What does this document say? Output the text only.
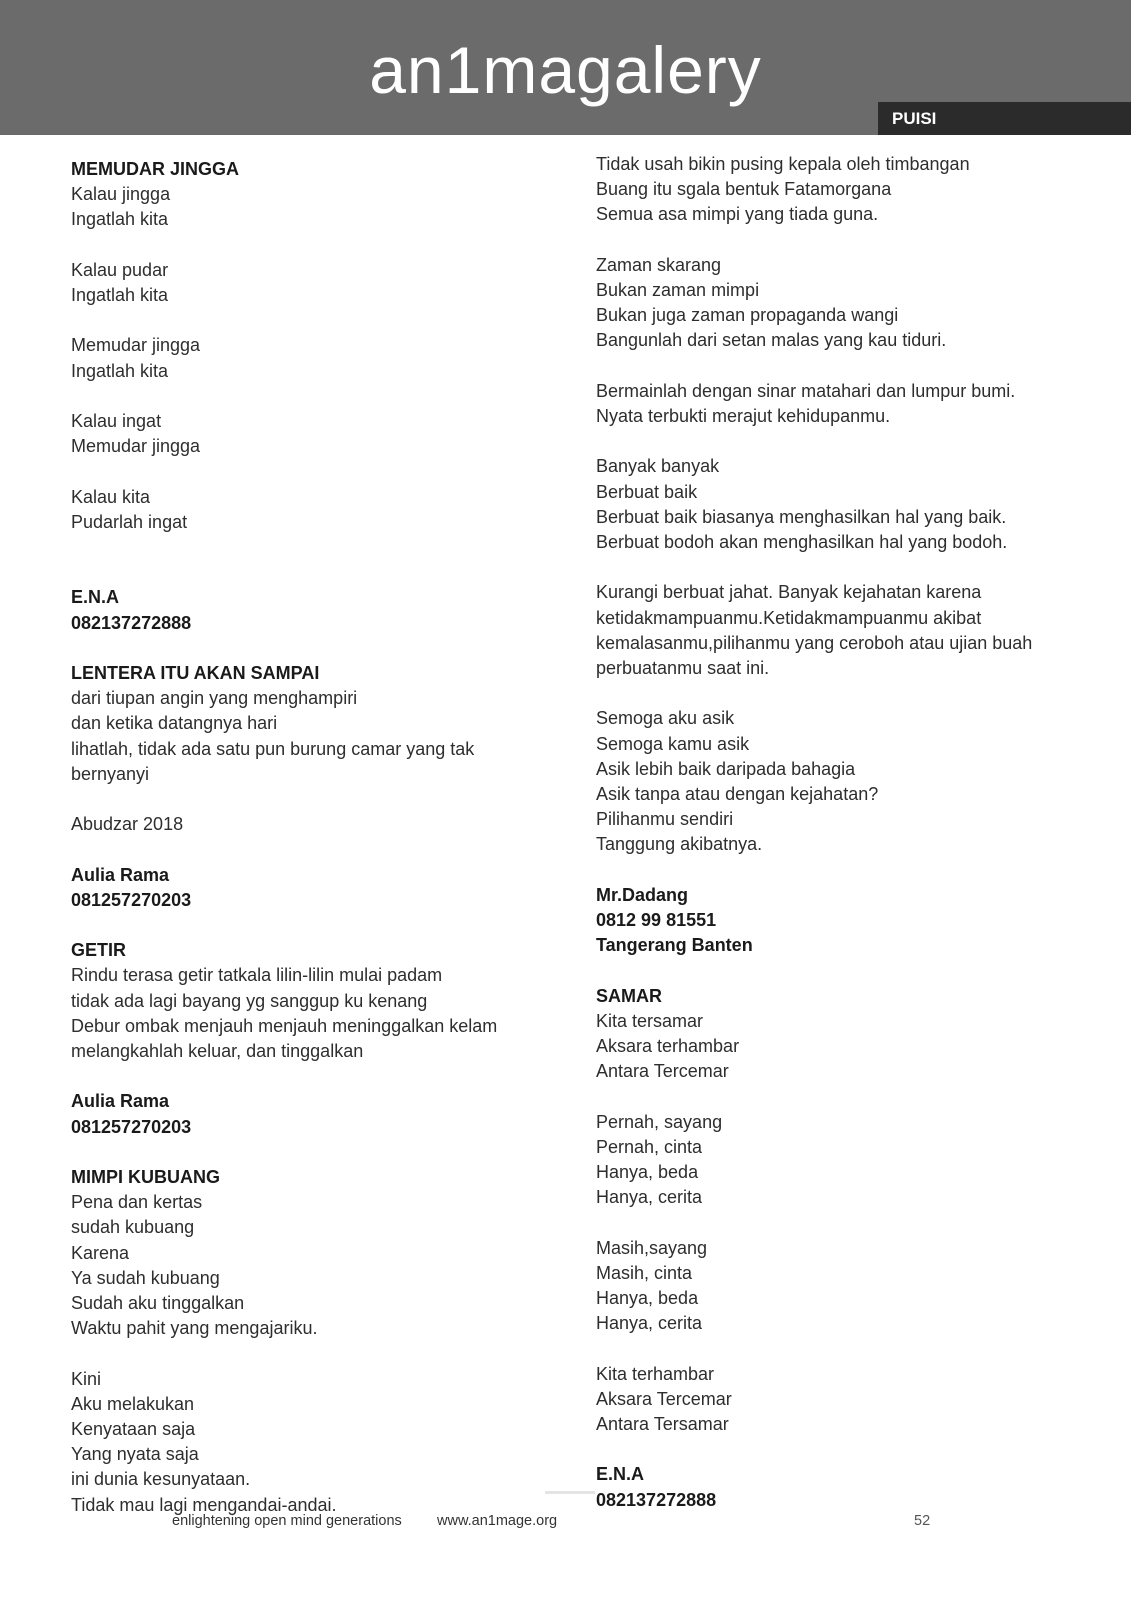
an1magalery
PUISI
MEMUDAR JINGGA
Kalau jingga
Ingatlah kita
Kalau pudar
Ingatlah kita
Memudar jingga
Ingatlah kita
Kalau ingat
Memudar jingga
Kalau kita
Pudarlah ingat
E.N.A
082137272888
LENTERA ITU AKAN SAMPAI
dari tiupan angin yang menghampiri
dan ketika datangnya hari
lihatlah, tidak ada satu pun burung camar yang tak
bernyanyi
Abudzar 2018
Aulia Rama
081257270203
GETIR
Rindu terasa getir tatkala lilin-lilin mulai padam
tidak ada lagi bayang yg sanggup ku kenang
Debur ombak menjauh menjauh meninggalkan kelam
melangkahlah keluar, dan tinggalkan
Aulia Rama
081257270203
MIMPI KUBUANG
Pena dan kertas
sudah kubuang
Karena
Ya sudah kubuang
Sudah aku tinggalkan
Waktu pahit yang mengajariku.
Kini
Aku melakukan
Kenyataan saja
Yang nyata saja
ini dunia kesunyataan.
Tidak mau lagi mengandai-andai.
Tidak usah bikin pusing kepala oleh timbangan
Buang itu sgala bentuk Fatamorgana
Semua asa mimpi yang tiada guna.
Zaman skarang
Bukan zaman mimpi
Bukan juga zaman propaganda wangi
Bangunlah dari setan malas yang kau tiduri.
Bermainlah dengan sinar matahari dan lumpur bumi.
Nyata terbukti merajut kehidupanmu.
Banyak banyak
Berbuat baik
Berbuat baik biasanya menghasilkan hal yang baik.
Berbuat bodoh akan menghasilkan hal yang bodoh.
Kurangi berbuat jahat. Banyak kejahatan karena
ketidakmampuanmu.Ketidakmampuanmu akibat
kemalasanmu,pilihanmu yang ceroboh atau ujian buah
perbuatanmu saat ini.
Semoga aku asik
Semoga kamu asik
Asik lebih baik daripada bahagia
Asik tanpa atau dengan kejahatan?
Pilihanmu sendiri
Tanggung akibatnya.
Mr.Dadang
0812 99 81551
Tangerang Banten
SAMAR
Kita tersamar
Aksara terhambar
Antara Tercemar
Pernah, sayang
Pernah, cinta
Hanya, beda
Hanya, cerita
Masih,sayang
Masih, cinta
Hanya, beda
Hanya, cerita
Kita terhambar
Aksara Tercemar
Antara Tersamar
E.N.A
082137272888
enlightening open mind generations www.an1mage.org	52
